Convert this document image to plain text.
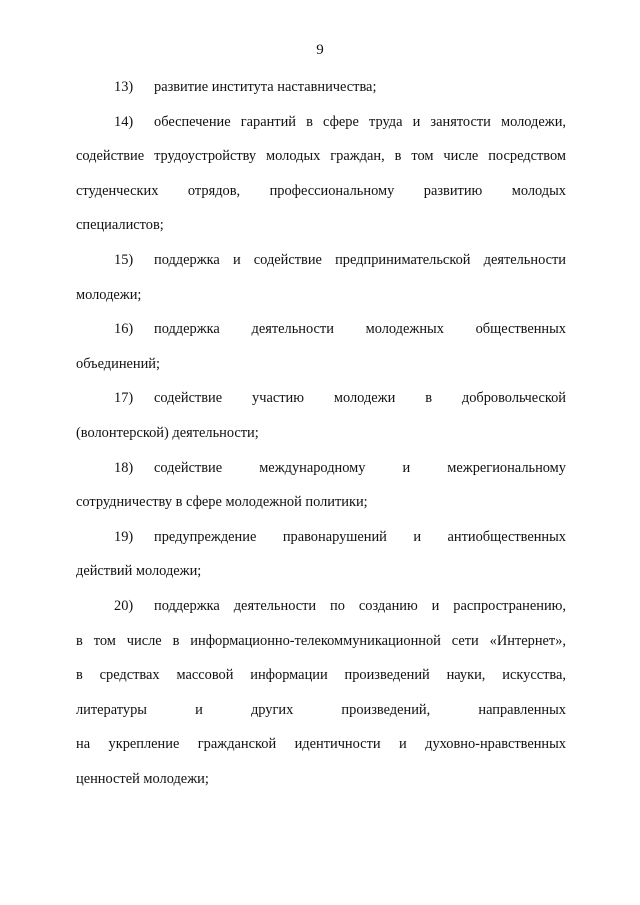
9
13) развитие института наставничества;
14) обеспечение гарантий в сфере труда и занятости молодежи,
содействие трудоустройству молодых граждан, в том числе посредством
студенческих отрядов, профессиональному развитию молодых
специалистов;
15) поддержка и содействие предпринимательской деятельности
молодежи;
16) поддержка деятельности молодежных общественных
объединений;
17) содействие участию молодежи в добровольческой
(волонтерской) деятельности;
18) содействие международному и межрегиональному
сотрудничеству в сфере молодежной политики;
19) предупреждение правонарушений и антиобщественных
действий молодежи;
20) поддержка деятельности по созданию и распространению,
в том числе в информационно-телекоммуникационной сети «Интернет»,
в средствах массовой информации произведений науки, искусства,
литературы и других произведений, направленных
на укрепление гражданской идентичности и духовно-нравственных
ценностей молодежи;
